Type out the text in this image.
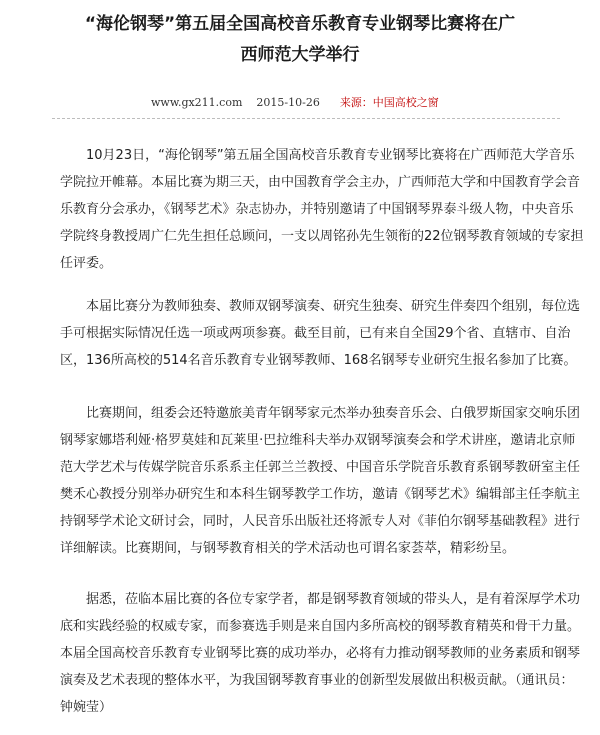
“海伦钢琴”第五届全国高校音乐教育专业钢琴比赛将在广
西师范大学举行
www.gx211.com 2015-10-26 来源：中国高校之窗
　　10月23日，“海伦钢琴”第五届全国高校音乐教育专业钢琴比赛将在广西师范大学音乐
学院拉开帷幕。本届比赛为期三天，由中国教育学会主办，广西师范大学和中国教育学会音
乐教育分会承办，《钢琴艺术》杂志协办，并特别邀请了中国钢琴界泰斗级人物，中央音乐
学院终身教授周广仁先生担任总顾问，一支以周铭孙先生领衔的22位钢琴教育领域的专家担
任评委。
　　本届比赛分为教师独奏、教师双钢琴演奏、研究生独奏、研究生伴奏四个组别，每位选
手可根据实际情况任选一项或两项参赛。截至目前，已有来自全国29个省、直辖市、自治
区，136所高校的514名音乐教育专业钢琴教师、168名钢琴专业研究生报名参加了比赛。
　　比赛期间，组委会还特邀旅美青年钢琴家元杰举办独奏音乐会、白俄罗斯国家交响乐团
钢琴家娜塔利娅·格罗莫娃和瓦莱里·巴拉维科夫举办双钢琴演奏会和学术讲座，邀请北京师
范大学艺术与传媒学院音乐系系主任郭兰兰教授、中国音乐学院音乐教育系钢琴教研室主任
樊禾心教授分别举办研究生和本科生钢琴教学工作坊，邀请《钢琴艺术》编辑部主任李航主
持钢琴学术论文研讨会，同时，人民音乐出版社还将派专人对《菲伯尔钢琴基础教程》进行
详细解读。比赛期间，与钢琴教育相关的学术活动也可谓名家荟萃，精彩纷呈。
　　据悉，莅临本届比赛的各位专家学者，都是钢琴教育领域的带头人，是有着深厚学术功
底和实践经验的权威专家，而参赛选手则是来自国内多所高校的钢琴教育精英和骨干力量。
本届全国高校音乐教育专业钢琴比赛的成功举办，必将有力推动钢琴教师的业务素质和钢琴
演奏及艺术表现的整体水平，为我国钢琴教育事业的创新型发展做出积极贡献。（通讯员：
钟婉莹）
